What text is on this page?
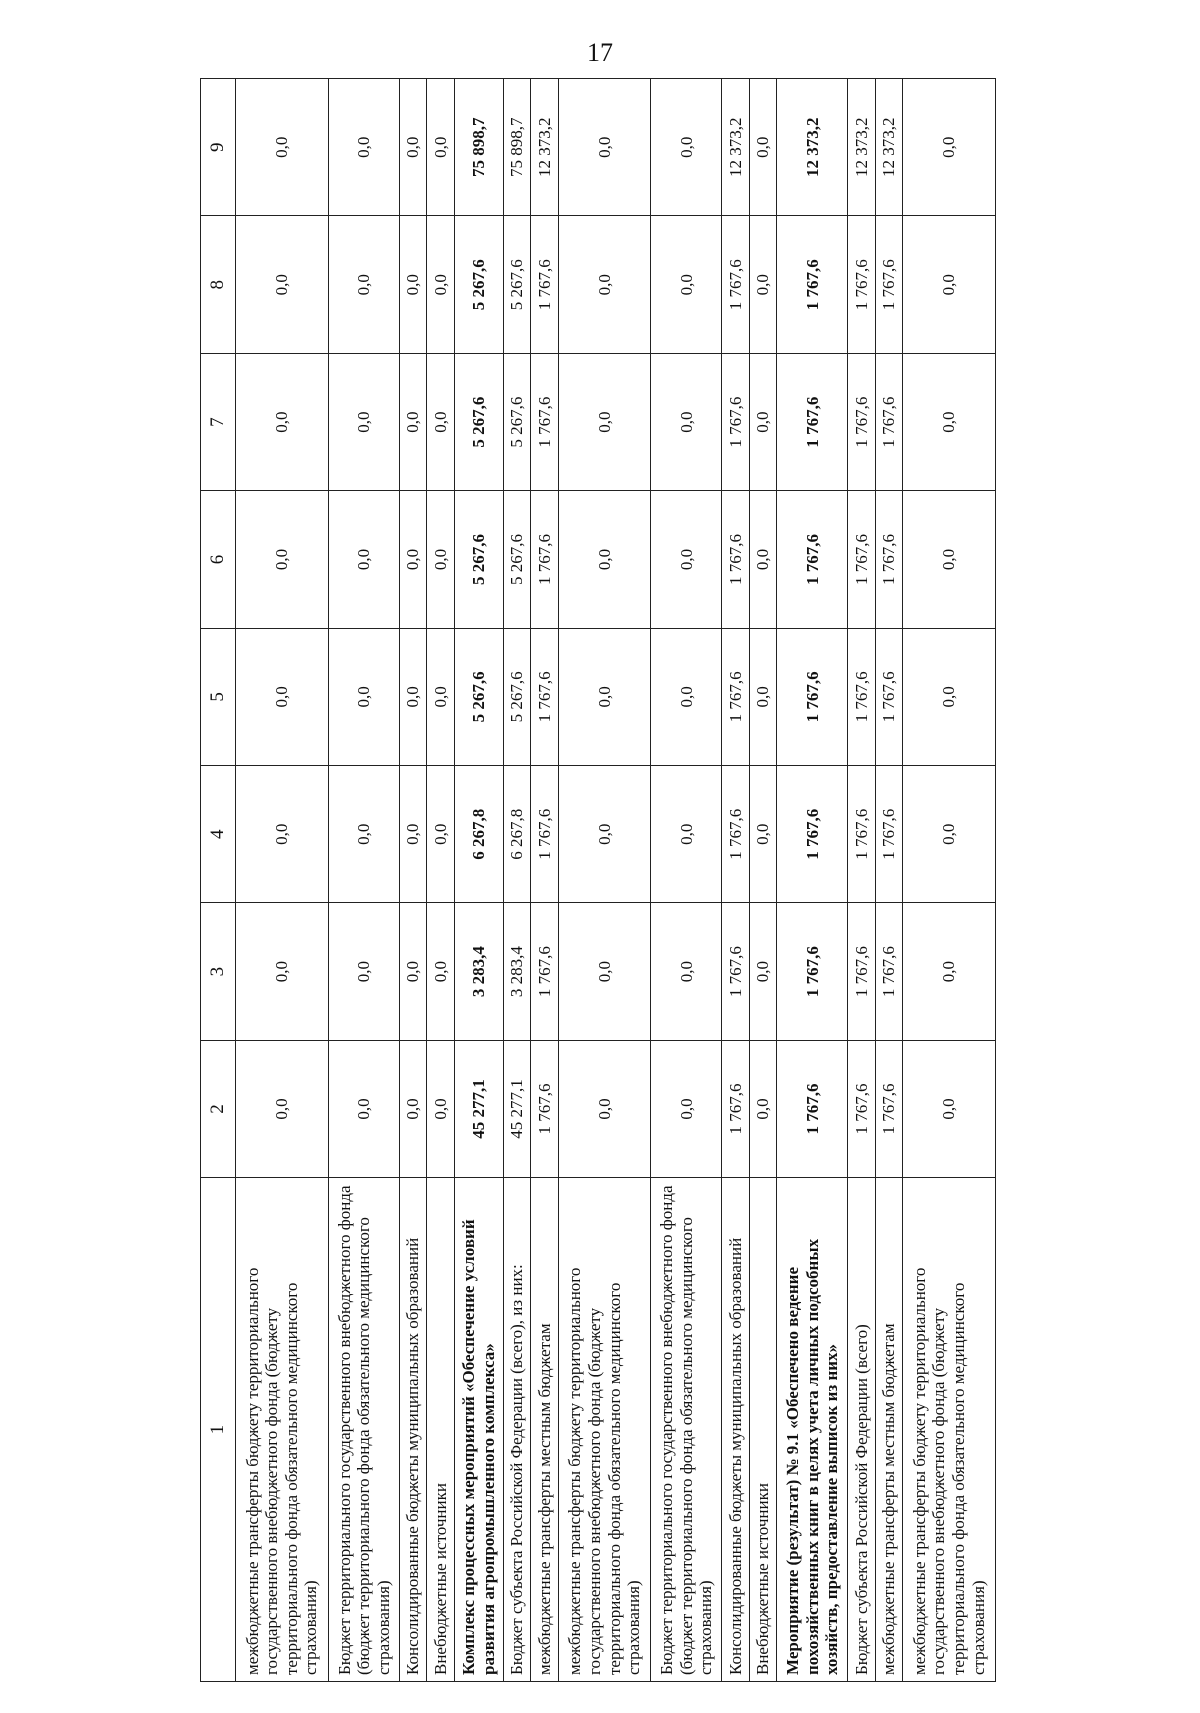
17
1	2	3	4	5	6	7	8	9
межбюджетные трансферты бюджету территориального государственного внебюджетного фонда (бюджету территориального фонда обязательного медицинского страхования)	0,0	0,0	0,0	0,0	0,0	0,0	0,0	0,0
Бюджет территориального государственного внебюджетного фонда (бюджет территориального фонда обязательного медицинского страхования)	0,0	0,0	0,0	0,0	0,0	0,0	0,0	0,0
Консолидированные бюджеты муниципальных образований	0,0	0,0	0,0	0,0	0,0	0,0	0,0	0,0
Внебюджетные источники	0,0	0,0	0,0	0,0	0,0	0,0	0,0	0,0
Комплекс процессных мероприятий «Обеспечение условий развития агропромышленного комплекса»	45 277,1	3 283,4	6 267,8	5 267,6	5 267,6	5 267,6	5 267,6	75 898,7
Бюджет субъекта Российской Федерации (всего), из них:	45 277,1	3 283,4	6 267,8	5 267,6	5 267,6	5 267,6	5 267,6	75 898,7
межбюджетные трансферты местным бюджетам	1 767,6	1 767,6	1 767,6	1 767,6	1 767,6	1 767,6	1 767,6	12 373,2
межбюджетные трансферты бюджету территориального государственного внебюджетного фонда (бюджету территориального фонда обязательного медицинского страхования)	0,0	0,0	0,0	0,0	0,0	0,0	0,0	0,0
Бюджет территориального государственного внебюджетного фонда (бюджет территориального фонда обязательного медицинского страхования)	0,0	0,0	0,0	0,0	0,0	0,0	0,0	0,0
Консолидированные бюджеты муниципальных образований	1 767,6	1 767,6	1 767,6	1 767,6	1 767,6	1 767,6	1 767,6	12 373,2
Внебюджетные источники	0,0	0,0	0,0	0,0	0,0	0,0	0,0	0,0
Мероприятие (результат) № 9.1 «Обеспечено ведение похозяйственных книг в целях учета личных подсобных хозяйств, предоставление выписок из них»	1 767,6	1 767,6	1 767,6	1 767,6	1 767,6	1 767,6	1 767,6	12 373,2
Бюджет субъекта Российской Федерации (всего)	1 767,6	1 767,6	1 767,6	1 767,6	1 767,6	1 767,6	1 767,6	12 373,2
межбюджетные трансферты местным бюджетам	1 767,6	1 767,6	1 767,6	1 767,6	1 767,6	1 767,6	1 767,6	12 373,2
межбюджетные трансферты бюджету территориального государственного внебюджетного фонда (бюджету территориального фонда обязательного медицинского страхования)	0,0	0,0	0,0	0,0	0,0	0,0	0,0	0,0
